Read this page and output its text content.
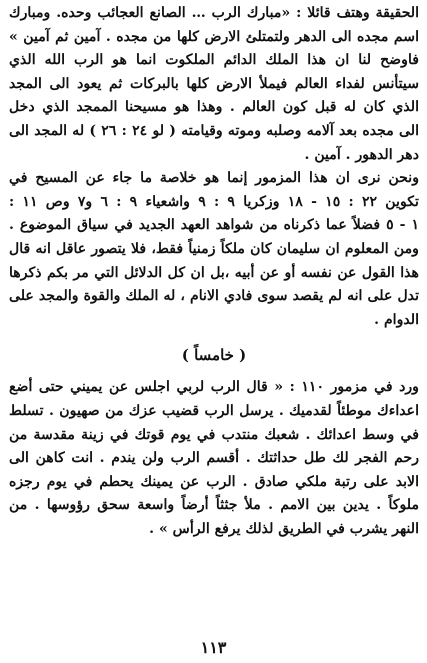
الحقيقة وهتف قائلا : «مبارك الرب … الصانع العجائب وحده. ومبارك
اسم مجده الى الدهر ولتمتلئ الارض كلها من مجده . آمين ثم آمين »
فاوضح لنا ان هذا الملك الدائم الملكوت انما هو الرب الله الذي
سيتأنس لفداء العالم فيملأ الارض كلها بالبركات ثم يعود الى المجد
الذي كان له قبل كون العالم . وهذا هو مسيحنا الممجد الذي دخل
الى مجده بعد آلامه وصلبه وموته وقيامته ( لو ٢٤ : ٢٦ ) له المجد الى
دهر الدهور . آمين .
ونحن نرى ان هذا المزمور إنما هو خلاصة ما جاء عن المسيح في
تكوين ٢٢ : ١٥ - ١٨ وزكريا ٩ : ٩ واشعياء ٩ : ٦ و٧ وص ١١ :
١ - ٥ فضلاً عما ذكرناه من شواهد العهد الجديد في سياق الموضوع .
ومن المعلوم ان سليمان كان ملكاً زمنياً فقط، فلا يتصور عاقل انه قال
هذا القول عن نفسه أو عن أبيه ،بل ان كل الدلائل التي مر بكم ذكرها
تدل على انه لم يقصد سوى فادي الانام ، له الملك والقوة والمجد على
الدوام .
( خامساً )
ورد في مزمور ١١٠ : « قال الرب لربي اجلس عن يميني حتى أضع
اعداءك موطئاً لقدميك . يرسل الرب قضيب عزك من صهيون . تسلط
في وسط اعدائك . شعبك منتدب في يوم قوتك في زينة مقدسة من
رحم الفجر لك طل حداثتك . أقسم الرب ولن يندم . انت كاهن الى
الابد على رتبة ملكي صادق . الرب عن يمينك يحطم في يوم رجزه
ملوكاً . يدين بين الامم . ملأ جثثاً أرضاً واسعة سحق رؤوسها . من
النهر يشرب في الطريق لذلك يرفع الرأس » .
١١٣
